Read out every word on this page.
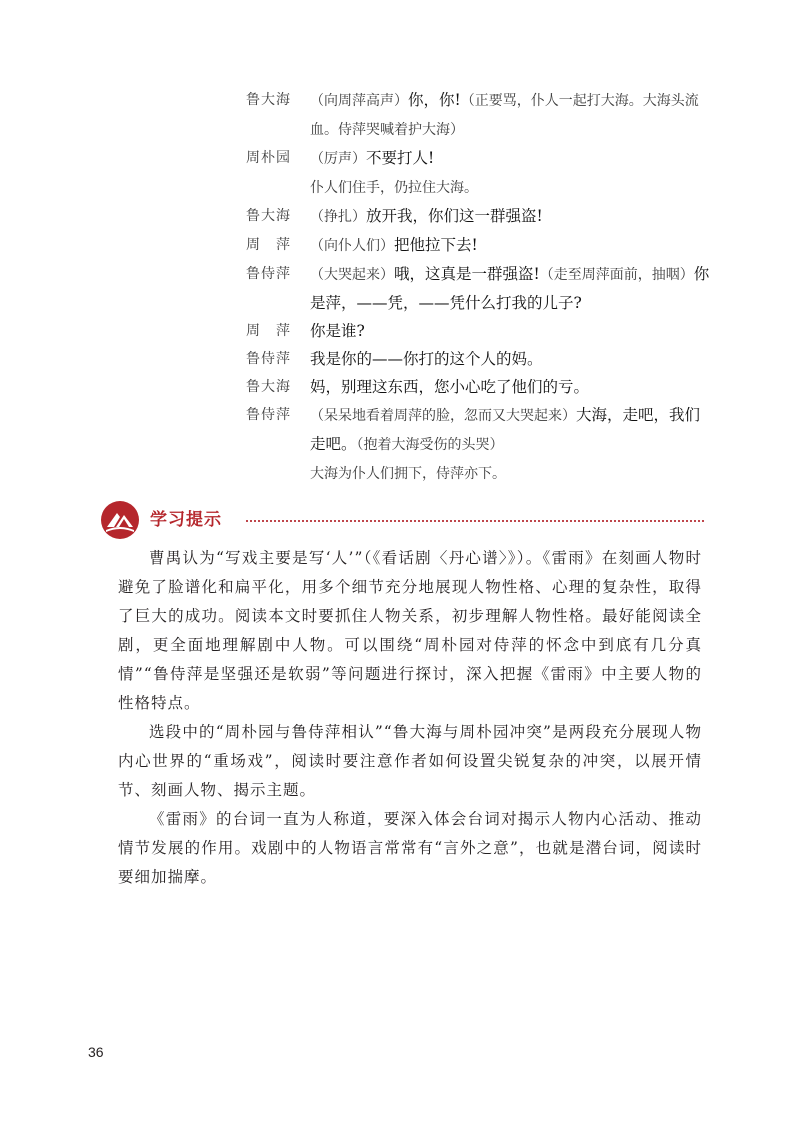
鲁大海	（向周萍高声）你，你!（正要骂，仆人一起打大海。大海头流血。侍萍哭喊着护大海）
周朴园	（厉声）不要打人!
仆人们住手，仍拉住大海。
鲁大海	（挣扎）放开我，你们这一群强盗!
周　萍	（向仆人们）把他拉下去!
鲁侍萍	（大哭起来）哦，这真是一群强盗!（走至周萍面前，抽咽）你是萍，——凭，——凭什么打我的儿子?
周　萍	你是谁?
鲁侍萍	我是你的——你打的这个人的妈。
鲁大海	妈，别理这东西，您小心吃了他们的亏。
鲁侍萍	（呆呆地看着周萍的脸，忽而又大哭起来）大海，走吧，我们走吧。（抱着大海受伤的头哭）
大海为仆人们拥下，侍萍亦下。
学习提示

曹禺认为“写戏主要是写‘人’”（《看话剧〈丹心谱〉》）。《雷雨》在刻画人物时避免了脸谱化和扁平化，用多个细节充分地展现人物性格、心理的复杂性，取得了巨大的成功。阅读本文时要抓住人物关系，初步理解人物性格。最好能阅读全剧，更全面地理解剧中人物。可以围绕“周朴园对侍萍的怀念中到底有几分真情”“鲁侍萍是坚强还是软弱”等问题进行探讨，深入把握《雷雨》中主要人物的性格特点。

选段中的“周朴园与鲁侍萍相认”“鲁大海与周朴园冲突”是两段充分展现人物内心世界的“重场戏”，阅读时要注意作者如何设置尖锐复杂的冲突，以展开情节、刻画人物、揭示主题。

《雷雨》的台词一直为人称道，要深入体会台词对揭示人物内心活动、推动情节发展的作用。戏剧中的人物语言常常有“言外之意”，也就是潜台词，阅读时要细加揣摩。

36
